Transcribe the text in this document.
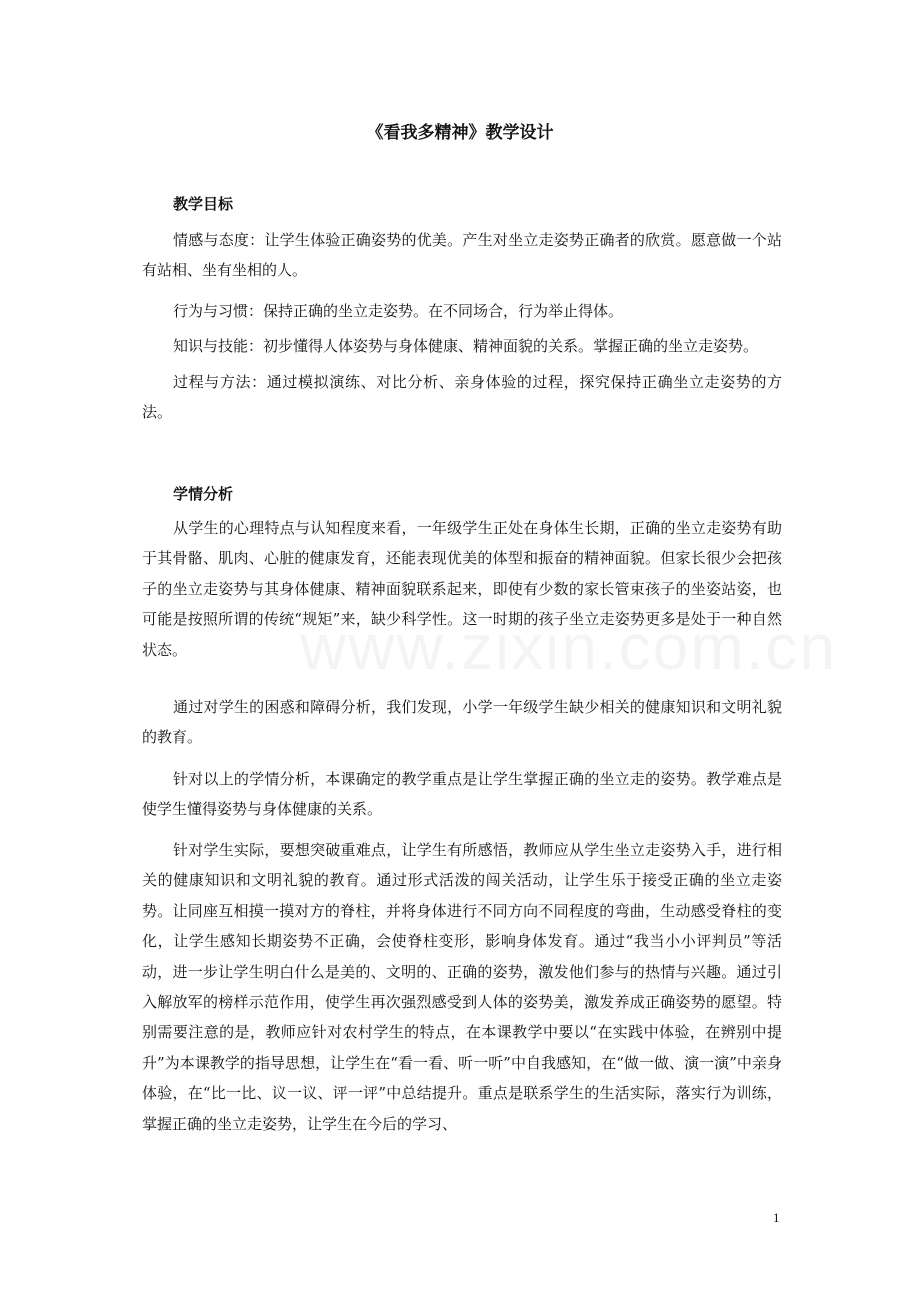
《看我多精神》教学设计
教学目标

情感与态度：让学生体验正确姿势的优美。产生对坐立走姿势正确者的欣赏。愿意做一个站有站相、坐有坐相的人。

行为与习惯：保持正确的坐立走姿势。在不同场合，行为举止得体。

知识与技能：初步懂得人体姿势与身体健康、精神面貌的关系。掌握正确的坐立走姿势。

过程与方法：通过模拟演练、对比分析、亲身体验的过程，探究保持正确坐立走姿势的方法。

学情分析

从学生的心理特点与认知程度来看，一年级学生正处在身体生长期，正确的坐立走姿势有助于其骨骼、肌肉、心脏的健康发育，还能表现优美的体型和振奋的精神面貌。但家长很少会把孩子的坐立走姿势与其身体健康、精神面貌联系起来，即使有少数的家长管束孩子的坐姿站姿，也可能是按照所谓的传统“规矩”来，缺少科学性。这一时期的孩子坐立走姿势更多是处于一种自然状态。

通过对学生的困惑和障碍分析，我们发现，小学一年级学生缺少相关的健康知识和文明礼貌的教育。

针对以上的学情分析，本课确定的教学重点是让学生掌握正确的坐立走的姿势。教学难点是使学生懂得姿势与身体健康的关系。

针对学生实际，要想突破重难点，让学生有所感悟，教师应从学生坐立走姿势入手，进行相关的健康知识和文明礼貌的教育。通过形式活泼的闯关活动，让学生乐于接受正确的坐立走姿势。让同座互相摸一摸对方的脊柱，并将身体进行不同方向不同程度的弯曲，生动感受脊柱的变化，让学生感知长期姿势不正确，会使脊柱变形，影响身体发育。通过“我当小小评判员”等活动，进一步让学生明白什么是美的、文明的、正确的姿势，激发他们参与的热情与兴趣。通过引入解放军的榜样示范作用，使学生再次强烈感受到人体的姿势美，激发养成正确姿势的愿望。特别需要注意的是，教师应针对农村学生的特点，在本课教学中要以“在实践中体验，在辨别中提升”为本课教学的指导思想，让学生在“看一看、听一听”中自我感知，在“做一做、演一演”中亲身体验，在“比一比、议一议、评一评”中总结提升。重点是联系学生的生活实际，落实行为训练，掌握正确的坐立走姿势，让学生在今后的学习、

1
